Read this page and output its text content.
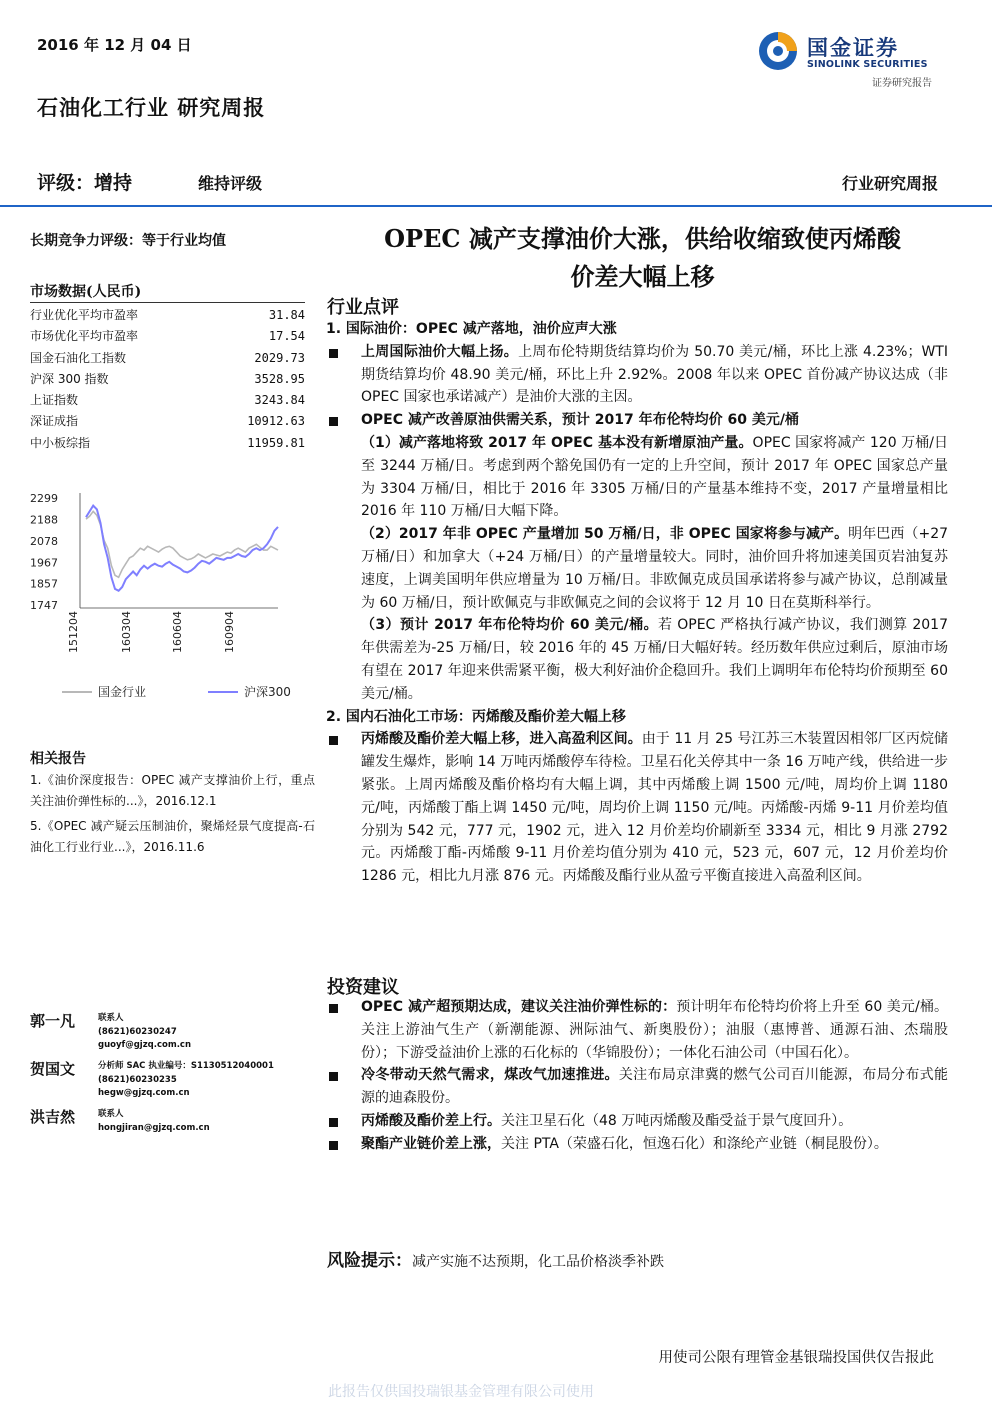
2016 年 12 月 04 日
石油化工行业 研究周报
国金证券
SINOLINK SECURITIES
证券研究报告
评级：增持	维持评级	行业研究周报
长期竞争力评级：等于行业均值
市场数据(人民币)
行业优化平均市盈率	31.84
市场优化平均市盈率	17.54
国金石油化工指数	2029.73
沪深 300 指数	3528.95
上证指数	3243.84
深证成指	10912.63
中小板综指	11959.81
2299
2188
2078
1967
1857
1747
151204	160304	160604	160904
国金行业	沪深300
相关报告

1.《油价深度报告：OPEC 减产支撑油价上行，重点关注油价弹性标的...》，2016.12.1

5.《OPEC 减产疑云压制油价，聚烯烃景气度提高-石油化工行业行业...》，2016.11.6

郭一凡	联系人
(8621)60230247
guoyf@gjzq.com.cn
贺国文	分析师 SAC 执业编号：S1130512040001
(8621)60230235
hegw@gjzq.com.cn
洪吉然	联系人
hongjiran@gjzq.com.cn
OPEC 减产支撑油价大涨，供给收缩致使丙烯酸
价差大幅上移
行业点评

1. 国际油价：OPEC 减产落地，油价应声大涨

上周国际油价大幅上扬。上周布伦特期货结算均价为 50.70 美元/桶，环比上涨 4.23%；WTI 期货结算均价 48.90 美元/桶，环比上升 2.92%。2008 年以来 OPEC 首份减产协议达成（非 OPEC 国家也承诺减产）是油价大涨的主因。

OPEC 减产改善原油供需关系，预计 2017 年布伦特均价 60 美元/桶

（1）减产落地将致 2017 年 OPEC 基本没有新增原油产量。OPEC 国家将减产 120 万桶/日至 3244 万桶/日。考虑到两个豁免国仍有一定的上升空间，预计 2017 年 OPEC 国家总产量为 3304 万桶/日，相比于 2016 年 3305 万桶/日的产量基本维持不变，2017 产量增量相比 2016 年 110 万桶/日大幅下降。

（2）2017 年非 OPEC 产量增加 50 万桶/日，非 OPEC 国家将参与减产。明年巴西（+27 万桶/日）和加拿大（+24 万桶/日）的产量增量较大。同时，油价回升将加速美国页岩油复苏速度，上调美国明年供应增量为 10 万桶/日。非欧佩克成员国承诺将参与减产协议，总削减量为 60 万桶/日，预计欧佩克与非欧佩克之间的会议将于 12 月 10 日在莫斯科举行。

（3）预计 2017 年布伦特均价 60 美元/桶。若 OPEC 严格执行减产协议，我们测算 2017 年供需差为-25 万桶/日，较 2016 年的 45 万桶/日大幅好转。经历数年供应过剩后，原油市场有望在 2017 年迎来供需紧平衡，极大利好油价企稳回升。我们上调明年布伦特均价预期至 60 美元/桶。

2. 国内石油化工市场：丙烯酸及酯价差大幅上移

丙烯酸及酯价差大幅上移，进入高盈利区间。由于 11 月 25 号江苏三木装置因相邻厂区丙烷储罐发生爆炸，影响 14 万吨丙烯酸停车待检。卫星石化关停其中一条 16 万吨产线，供给进一步紧张。上周丙烯酸及酯价格均有大幅上调，其中丙烯酸上调 1500 元/吨，周均价上调 1180 元/吨，丙烯酸丁酯上调 1450 元/吨，周均价上调 1150 元/吨。丙烯酸-丙烯 9-11 月价差均值分别为 542 元，777 元，1902 元，进入 12 月价差均价刷新至 3334 元，相比 9 月涨 2792 元。丙烯酸丁酯-丙烯酸 9-11 月价差均值分别为 410 元，523 元，607 元，12 月价差均价 1286 元，相比九月涨 876 元。丙烯酸及酯行业从盈亏平衡直接进入高盈利区间。

投资建议

OPEC 减产超预期达成，建议关注油价弹性标的：预计明年布伦特均价将上升至 60 美元/桶。关注上游油气生产（新潮能源、洲际油气、新奥股份）；油服（惠博普、通源石油、杰瑞股份）；下游受益油价上涨的石化标的（华锦股份）；一体化石油公司（中国石化）。

冷冬带动天然气需求，煤改气加速推进。关注布局京津冀的燃气公司百川能源，布局分布式能源的迪森股份。

丙烯酸及酯价差上行。关注卫星石化（48 万吨丙烯酸及酯受益于景气度回升）。

聚酯产业链价差上涨，关注 PTA（荣盛石化，恒逸石化）和涤纶产业链（桐昆股份）。

风险提示：减产实施不达预期，化工品价格淡季补跌
用使司公限有理管金基银瑞投国供仅告报此
此报告仅供国投瑞银基金管理有限公司使用
